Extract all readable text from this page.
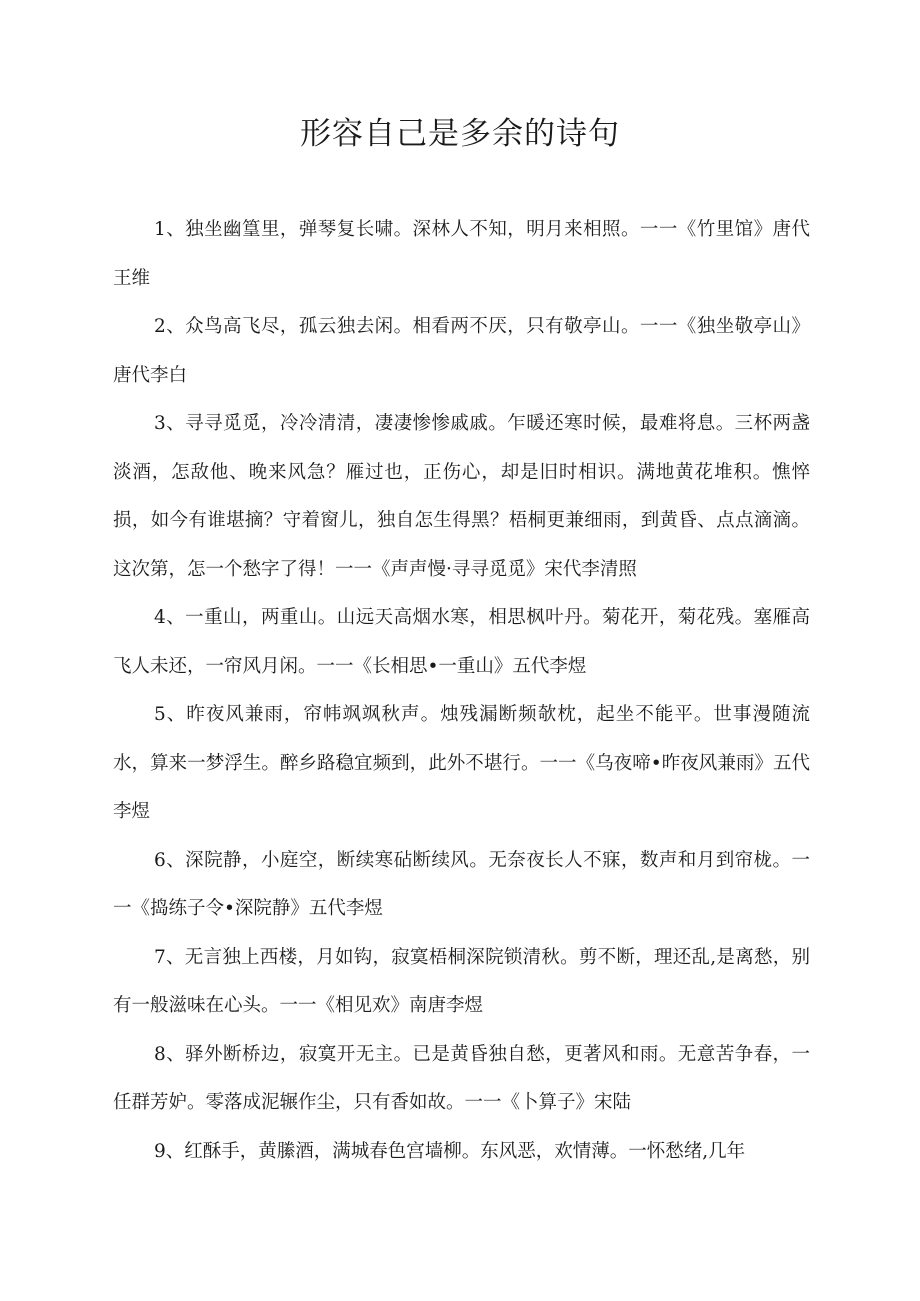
形容自己是多余的诗句

1、独坐幽篁里，弹琴复长啸。深林人不知，明月来相照。一一《竹里馆》唐代王维

2、众鸟高飞尽，孤云独去闲。相看两不厌，只有敬亭山。一一《独坐敬亭山》唐代李白

3、寻寻觅觅，冷冷清清，凄凄惨惨戚戚。乍暖还寒时候，最难将息。三杯两盏淡酒，怎敌他、晚来风急？雁过也，正伤心，却是旧时相识。满地黄花堆积。憔悴损，如今有谁堪摘？守着窗儿，独自怎生得黑？梧桐更兼细雨，到黄昏、点点滴滴。这次第，怎一个愁字了得！一一《声声慢·寻寻觅觅》宋代李清照

4、一重山，两重山。山远天高烟水寒，相思枫叶丹。菊花开，菊花残。塞雁高飞人未还，一帘风月闲。一一《长相思•一重山》五代李煜

5、昨夜风兼雨，帘帏飒飒秋声。烛残漏断频欹枕，起坐不能平。世事漫随流水，算来一梦浮生。醉乡路稳宜频到，此外不堪行。一一《乌夜啼•昨夜风兼雨》五代李煜

6、深院静，小庭空，断续寒砧断续风。无奈夜长人不寐，数声和月到帘栊。一一《捣练子令•深院静》五代李煜

7、无言独上西楼，月如钩，寂寞梧桐深院锁清秋。剪不断，理还乱,是离愁，别有一般滋味在心头。一一《相见欢》南唐李煜

8、驿外断桥边，寂寞开无主。已是黄昏独自愁，更著风和雨。无意苦争春，一任群芳妒。零落成泥辗作尘，只有香如故。一一《卜算子》宋陆

9、红酥手，黄縢酒，满城春色宫墙柳。东风恶，欢情薄。一怀愁绪,几年
